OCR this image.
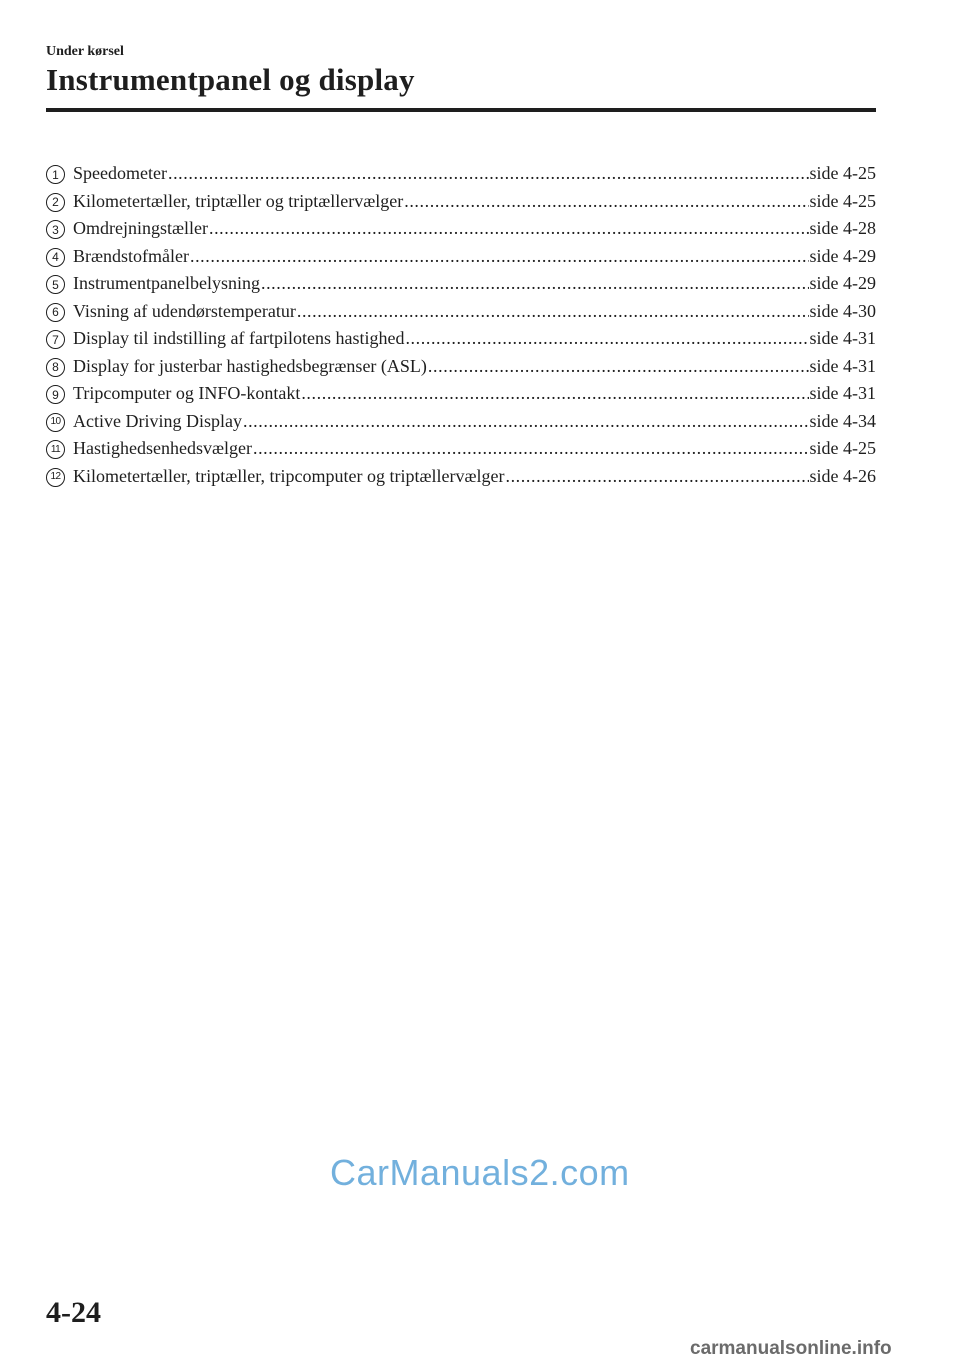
Under kørsel
Instrumentpanel og display
1 Speedometer .....	side 4-25
2 Kilometertæller, triptæller og triptællervælger .....	side 4-25
3 Omdrejningstæller .....	side 4-28
4 Brændstofmåler .....	side 4-29
5 Instrumentpanelbelysning .....	side 4-29
6 Visning af udendørstemperatur .....	side 4-30
7 Display til indstilling af fartpilotens hastighed .....	side 4-31
8 Display for justerbar hastighedsbegrænser (ASL) .....	side 4-31
9 Tripcomputer og INFO-kontakt .....	side 4-31
10 Active Driving Display .....	side 4-34
11 Hastighedsenhedsvælger .....	side 4-25
12 Kilometertæller, triptæller, tripcomputer og triptællervælger .....	side 4-26
CarManuals2.com
4-24
carmanualsonline.info
